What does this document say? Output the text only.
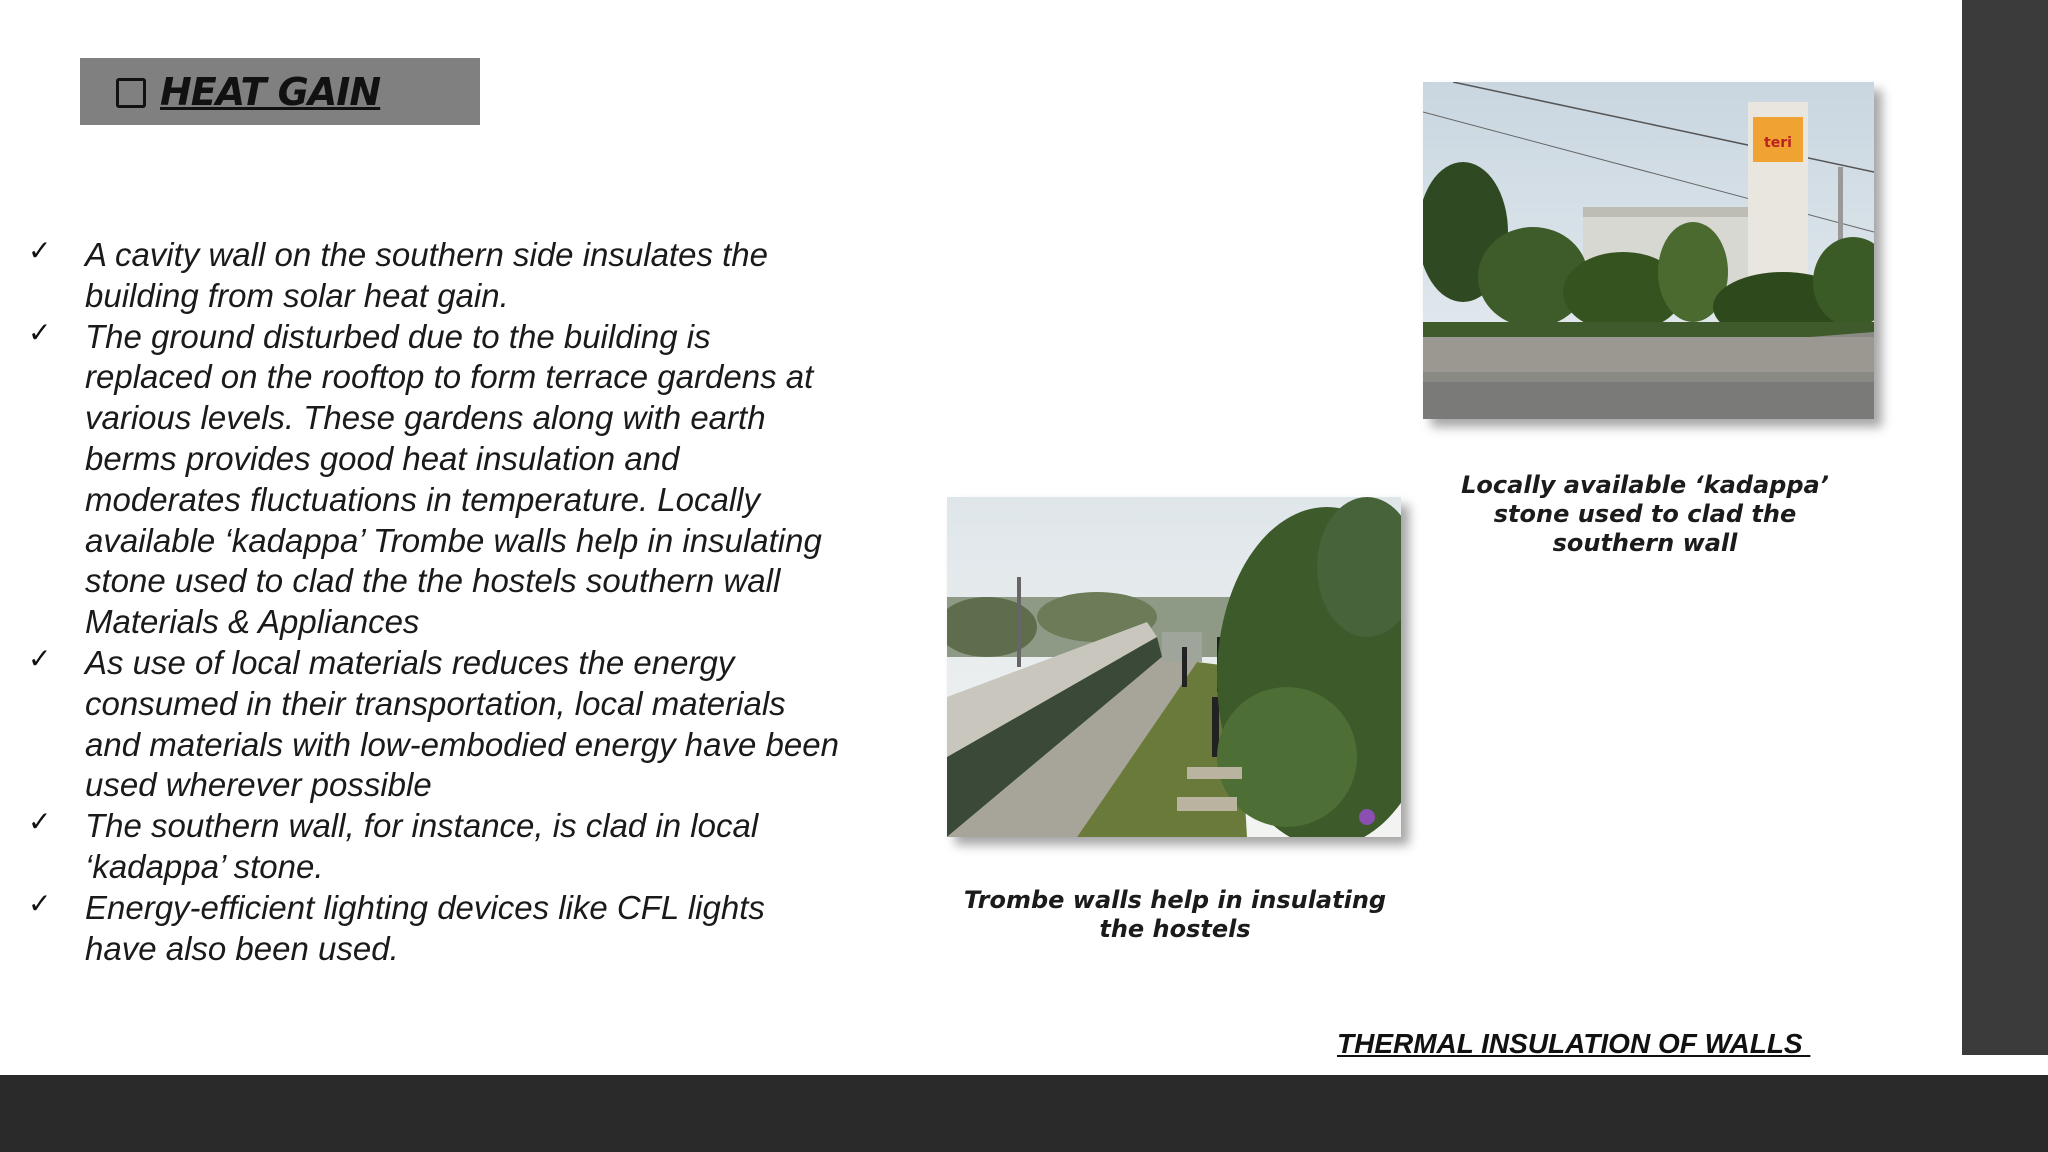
HEAT GAIN
✓ A cavity wall on the southern side insulates the
building from solar heat gain.
✓ The ground disturbed due to the building is
replaced on the rooftop to form terrace gardens at
various levels. These gardens along with earth
berms provides good heat insulation and
moderates fluctuations in temperature. Locally
available ‘kadappa’ Trombe walls help in insulating
stone used to clad the the hostels southern wall
Materials & Appliances
✓ As use of local materials reduces the energy
consumed in their transportation, local materials
and materials with low-embodied energy have been
used wherever possible
✓ The southern wall, for instance, is clad in local
‘kadappa’ stone.
✓ Energy-efficient lighting devices like CFL lights
have also been used.
teri
Locally available ‘kadappa’
stone used to clad the
southern wall
Trombe walls help in insulating
the hostels
THERMAL INSULATION OF WALLS
